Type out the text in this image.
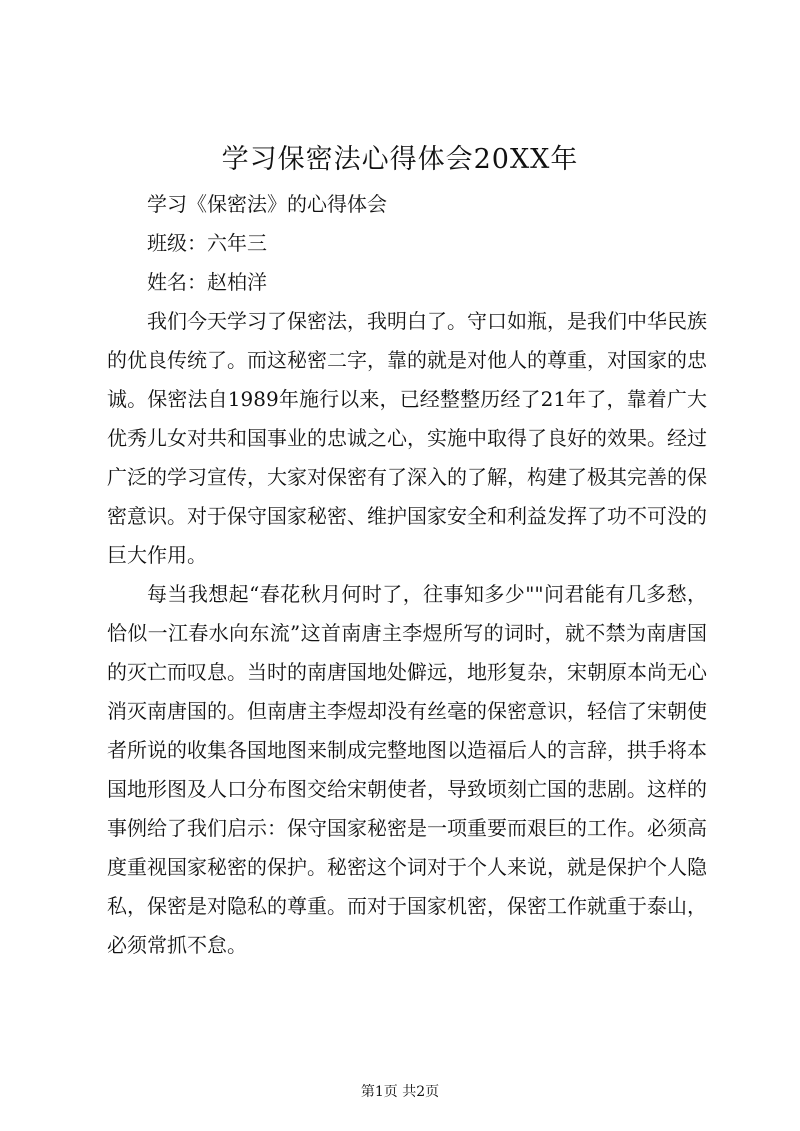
学习保密法心得体会20XX年

学习《保密法》的心得体会

班级：六年三

姓名：赵柏洋

我们今天学习了保密法，我明白了。守口如瓶，是我们中华民族的优良传统了。而这秘密二字，靠的就是对他人的尊重，对国家的忠诚。保密法自1989年施行以来，已经整整历经了21年了，靠着广大优秀儿女对共和国事业的忠诚之心，实施中取得了良好的效果。经过广泛的学习宣传，大家对保密有了深入的了解，构建了极其完善的保密意识。对于保守国家秘密、维护国家安全和利益发挥了功不可没的巨大作用。

每当我想起“春花秋月何时了，往事知多少""问君能有几多愁，恰似一江春水向东流”这首南唐主李煜所写的词时，就不禁为南唐国的灭亡而叹息。当时的南唐国地处僻远，地形复杂，宋朝原本尚无心消灭南唐国的。但南唐主李煜却没有丝毫的保密意识，轻信了宋朝使者所说的收集各国地图来制成完整地图以造福后人的言辞，拱手将本国地形图及人口分布图交给宋朝使者，导致顷刻亡国的悲剧。这样的事例给了我们启示：保守国家秘密是一项重要而艰巨的工作。必须高度重视国家秘密的保护。秘密这个词对于个人来说，就是保护个人隐私，保密是对隐私的尊重。而对于国家机密，保密工作就重于泰山，必须常抓不怠。

第1页 共2页
